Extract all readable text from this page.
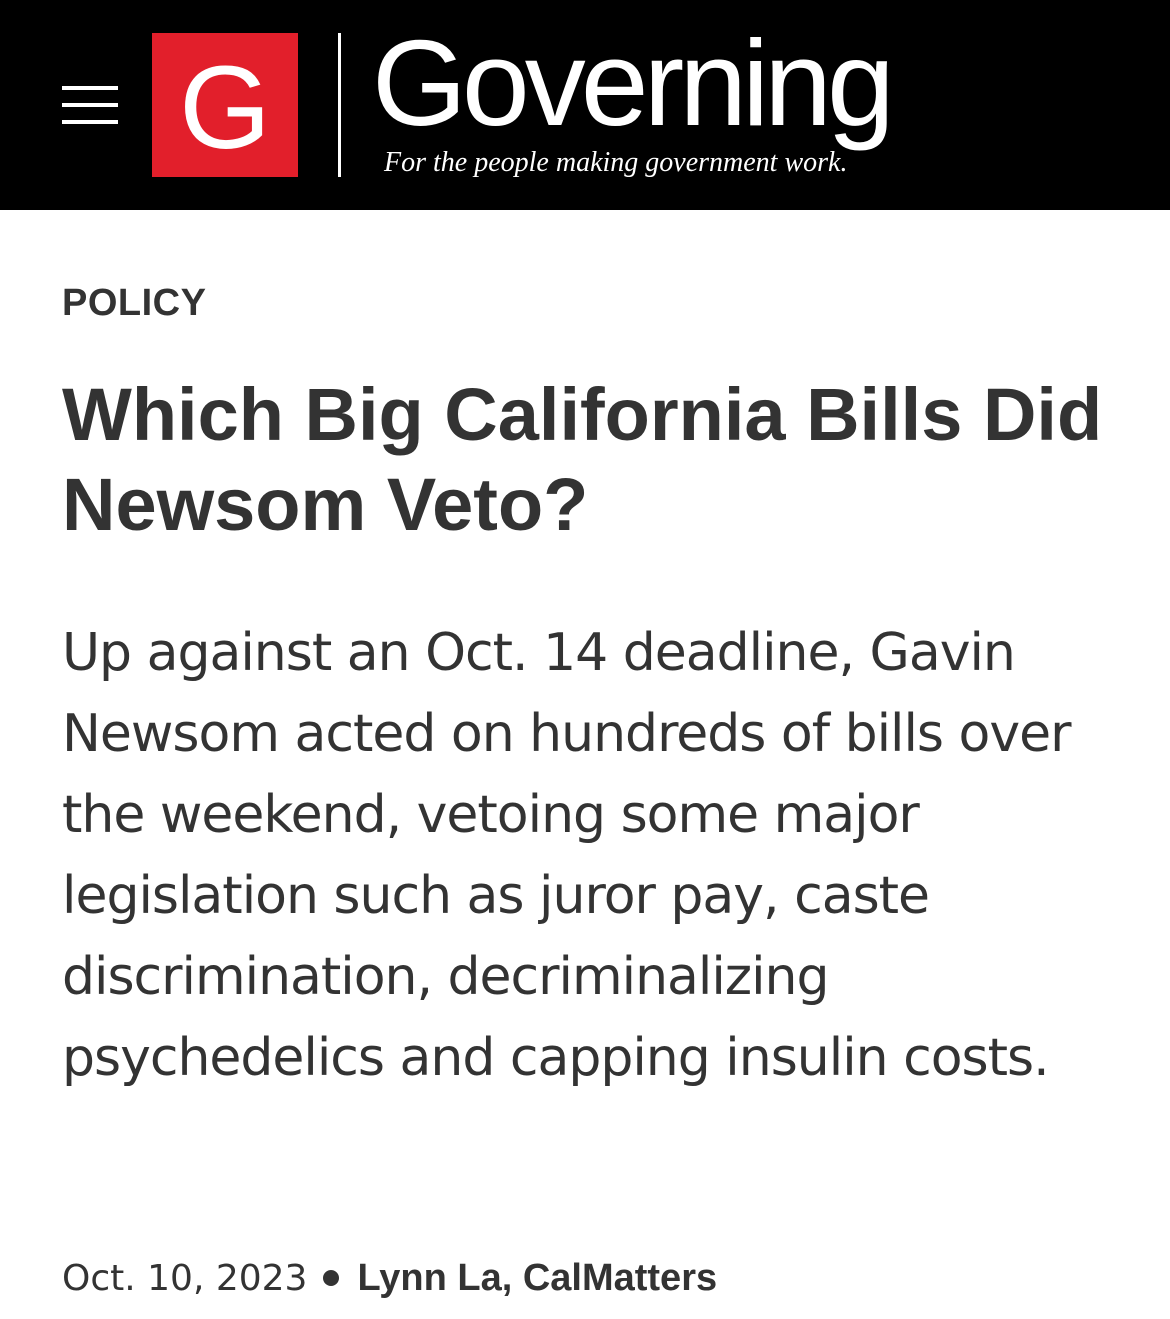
G Governing
For the people making government work.
POLICY
Which Big California Bills Did Newsom Veto?

Up against an Oct. 14 deadline, Gavin Newsom acted on hundreds of bills over the weekend, vetoing some major legislation such as juror pay, caste discrimination, decriminalizing psychedelics and capping insulin costs.

Oct. 10, 2023 Lynn La, CalMatters
